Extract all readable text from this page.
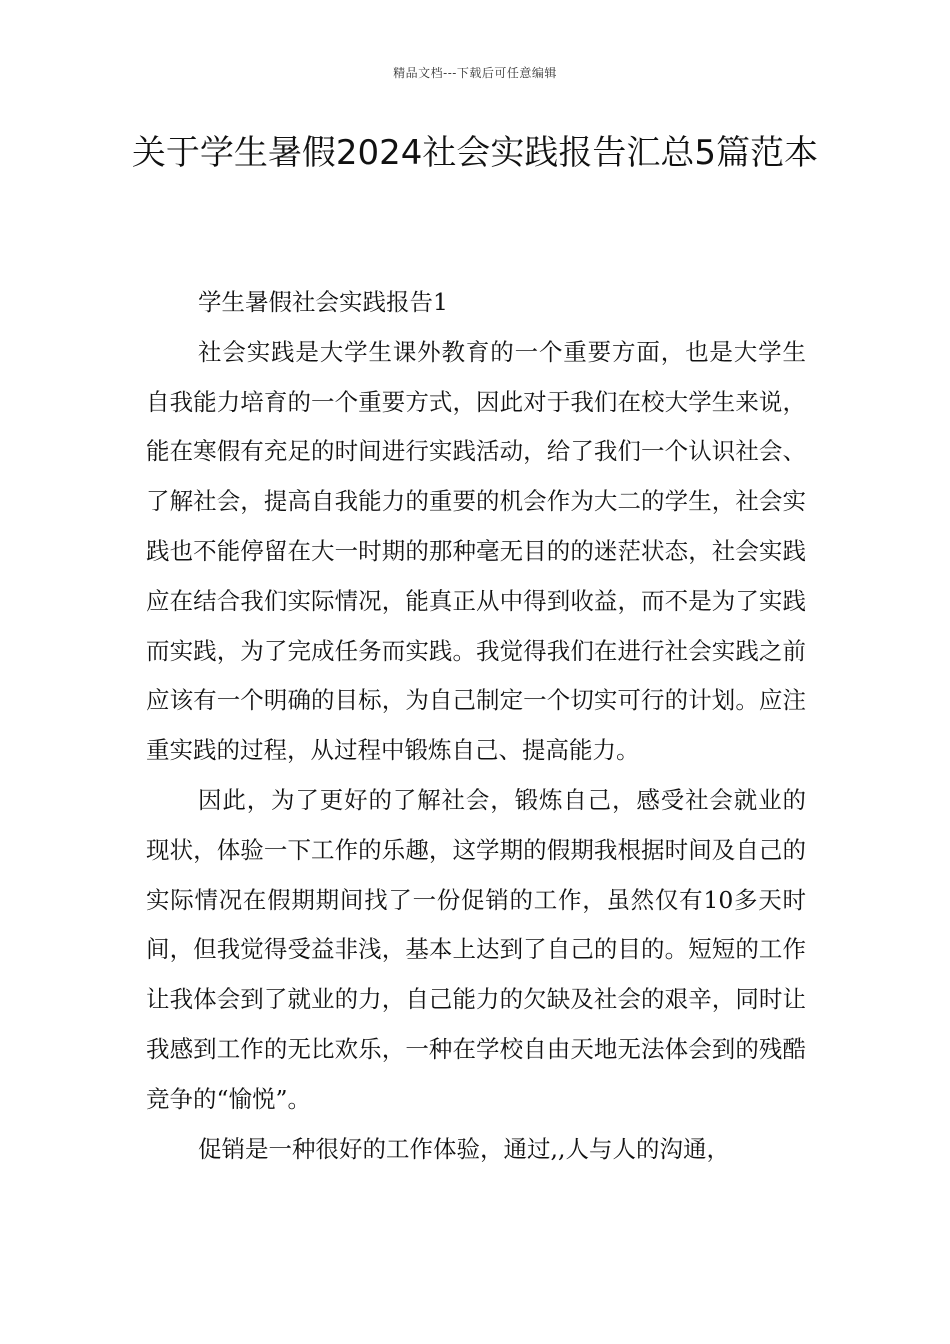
精品文档---下载后可任意编辑
关于学生暑假2024社会实践报告汇总5篇范本

学生暑假社会实践报告1

社会实践是大学生课外教育的一个重要方面，也是大学生自我能力培育的一个重要方式，因此对于我们在校大学生来说，能在寒假有充足的时间进行实践活动，给了我们一个认识社会、了解社会，提高自我能力的重要的机会作为大二的学生，社会实践也不能停留在大一时期的那种毫无目的的迷茫状态，社会实践应在结合我们实际情况，能真正从中得到收益，而不是为了实践而实践，为了完成任务而实践。我觉得我们在进行社会实践之前应该有一个明确的目标，为自己制定一个切实可行的计划。应注重实践的过程，从过程中锻炼自己、提高能力。

因此，为了更好的了解社会，锻炼自己，感受社会就业的现状，体验一下工作的乐趣，这学期的假期我根据时间及自己的实际情况在假期期间找了一份促销的工作，虽然仅有10多天时间，但我觉得受益非浅，基本上达到了自己的目的。短短的工作让我体会到了就业的力，自己能力的欠缺及社会的艰辛，同时让我感到工作的无比欢乐，一种在学校自由天地无法体会到的残酷竞争的“愉悦”。

促销是一种很好的工作体验，通过,,人与人的沟通，
